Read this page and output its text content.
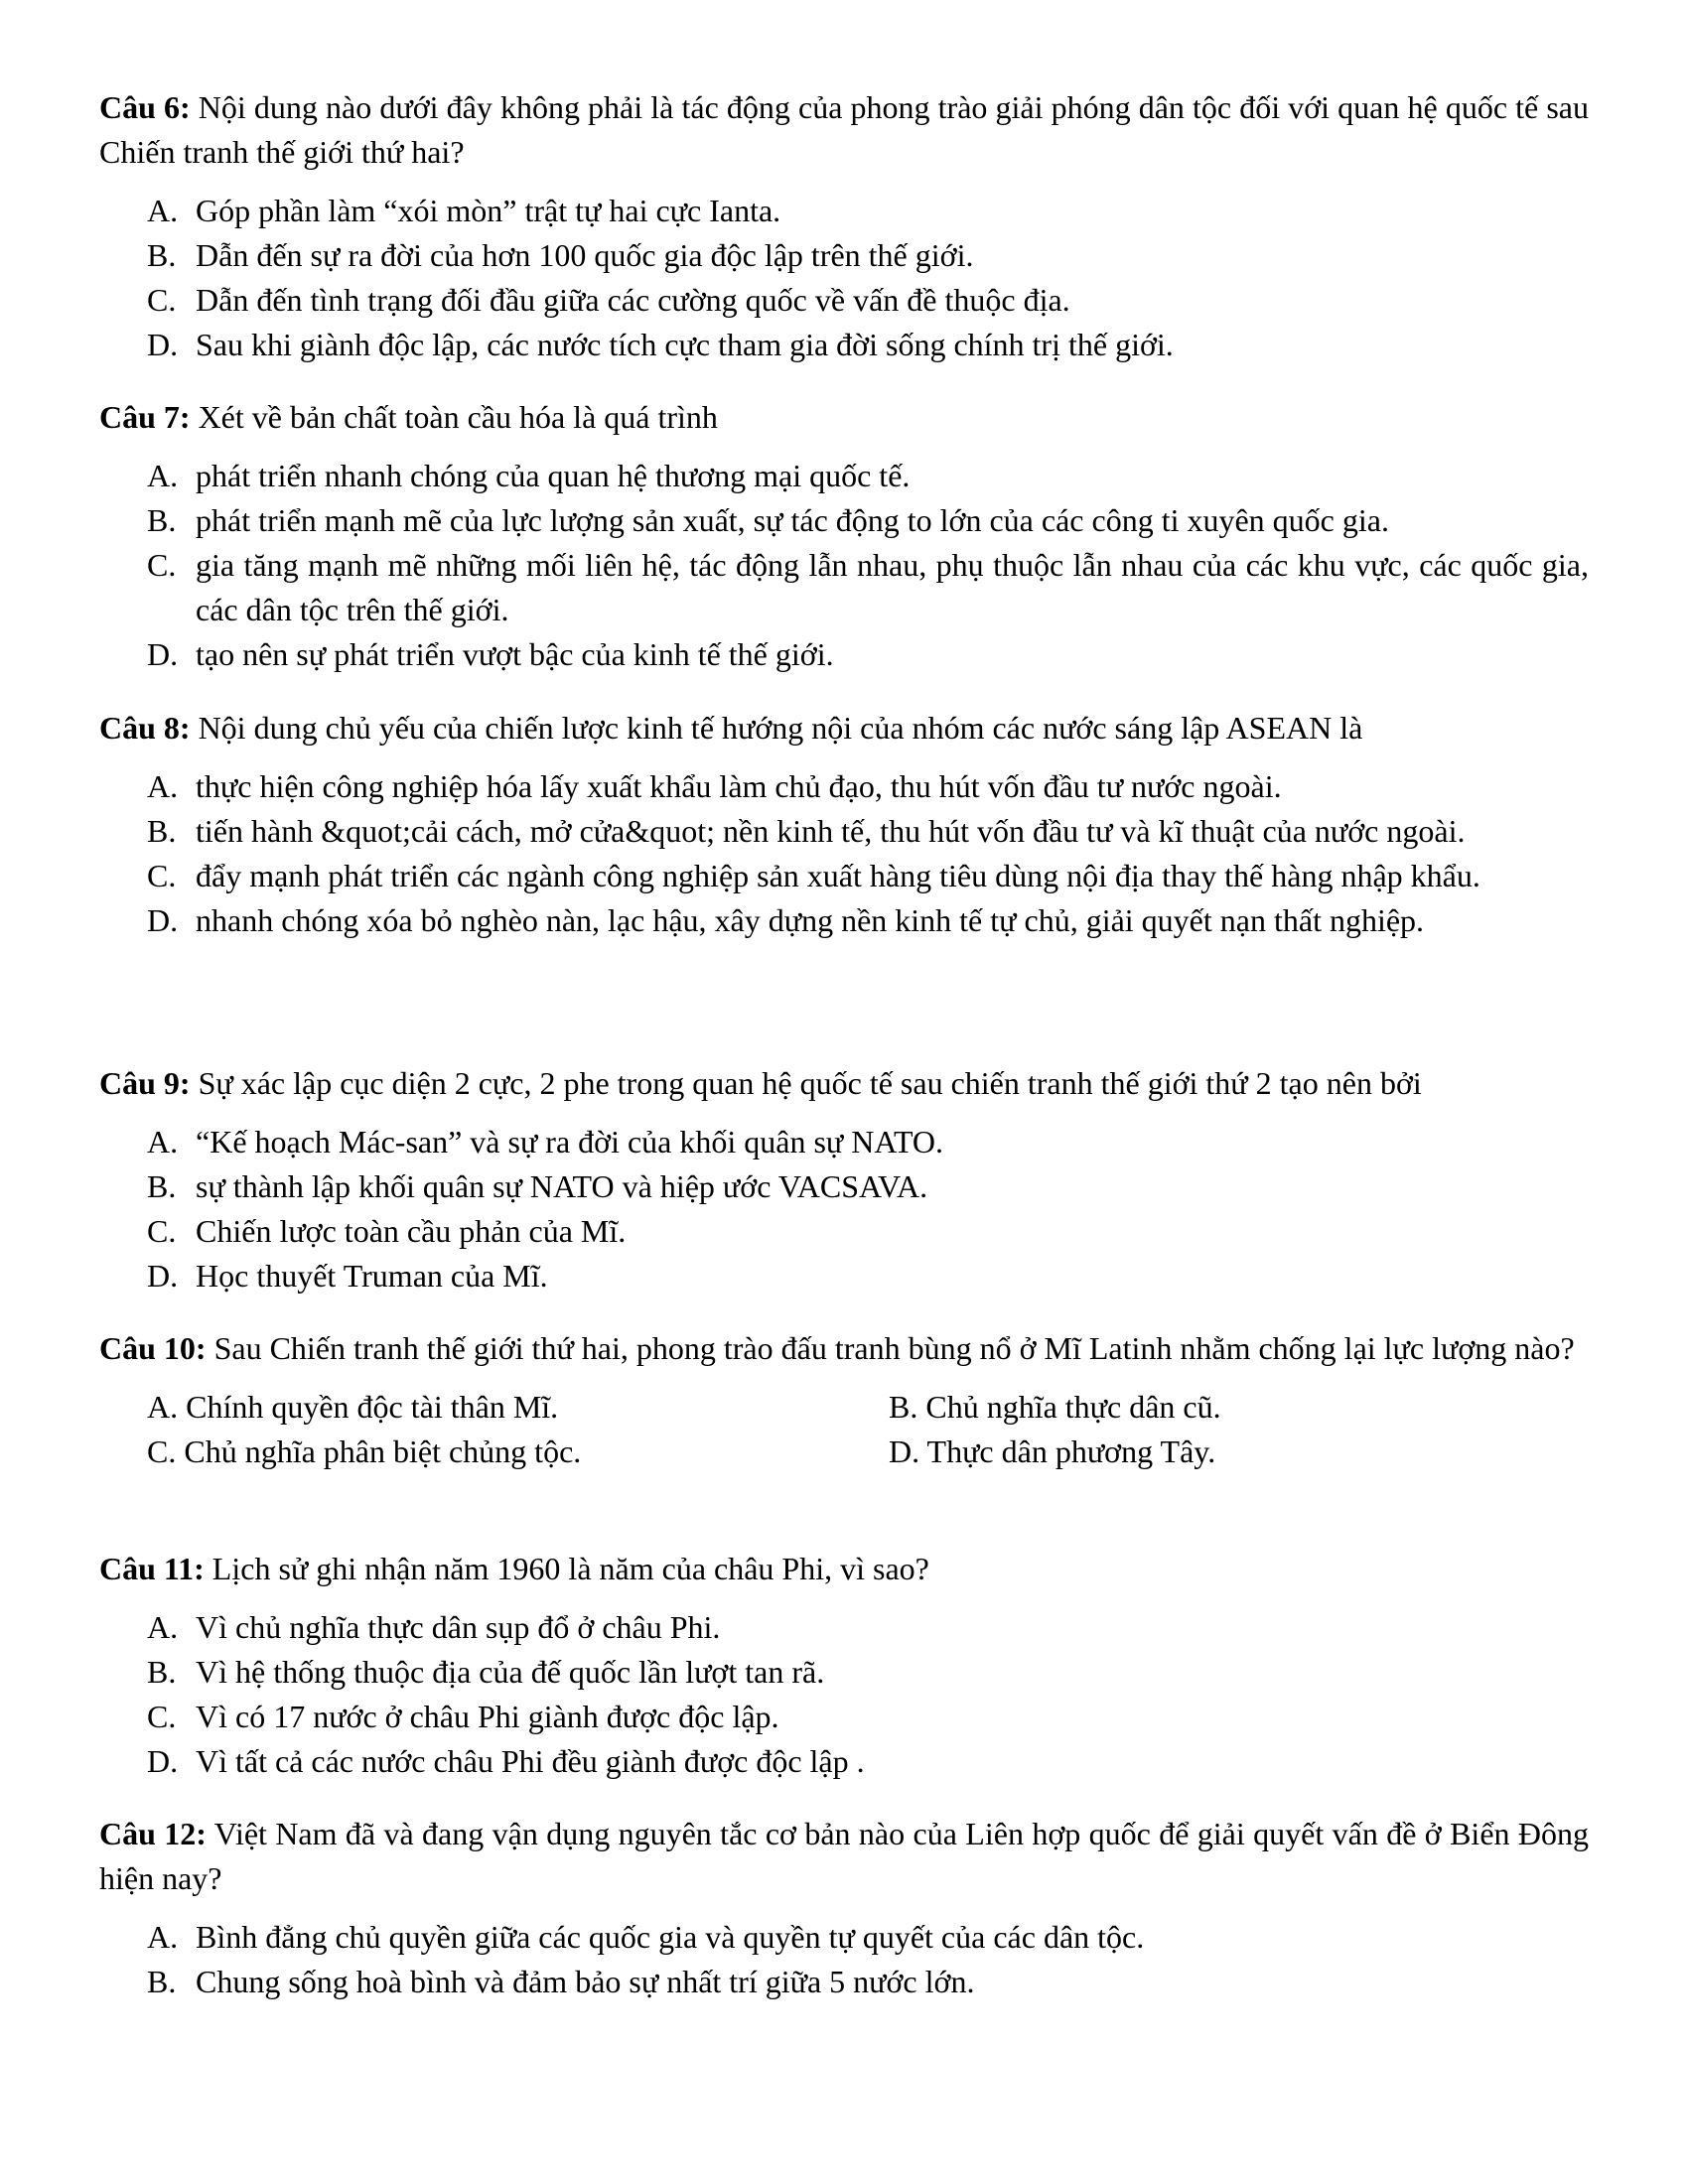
Câu 6: Nội dung nào dưới đây không phải là tác động của phong trào giải phóng dân tộc đối với quan hệ quốc tế sau Chiến tranh thế giới thứ hai?

A. Góp phần làm “xói mòn” trật tự hai cực Ianta.
B. Dẫn đến sự ra đời của hơn 100 quốc gia độc lập trên thế giới.
C. Dẫn đến tình trạng đối đầu giữa các cường quốc về vấn đề thuộc địa.
D. Sau khi giành độc lập, các nước tích cực tham gia đời sống chính trị thế giới.

Câu 7: Xét về bản chất toàn cầu hóa là quá trình

A. phát triển nhanh chóng của quan hệ thương mại quốc tế.
B. phát triển mạnh mẽ của lực lượng sản xuất, sự tác động to lớn của các công ti xuyên quốc gia.
C. gia tăng mạnh mẽ những mối liên hệ, tác động lẫn nhau, phụ thuộc lẫn nhau của các khu vực, các quốc gia, các dân tộc trên thế giới.
D. tạo nên sự phát triển vượt bậc của kinh tế thế giới.

Câu 8: Nội dung chủ yếu của chiến lược kinh tế hướng nội của nhóm các nước sáng lập ASEAN là

A. thực hiện công nghiệp hóa lấy xuất khẩu làm chủ đạo, thu hút vốn đầu tư nước ngoài.
B. tiến hành &quot;cải cách, mở cửa&quot; nền kinh tế, thu hút vốn đầu tư và kĩ thuật của nước ngoài.
C. đẩy mạnh phát triển các ngành công nghiệp sản xuất hàng tiêu dùng nội địa thay thế hàng nhập khẩu.
D. nhanh chóng xóa bỏ nghèo nàn, lạc hậu, xây dựng nền kinh tế tự chủ, giải quyết nạn thất nghiệp.

Câu 9: Sự xác lập cục diện 2 cực, 2 phe trong quan hệ quốc tế sau chiến tranh thế giới thứ 2 tạo nên bởi

A. “Kế hoạch Mác-san” và sự ra đời của khối quân sự NATO.
B. sự thành lập khối quân sự NATO và hiệp ước VACSAVA.
C. Chiến lược toàn cầu phản của Mĩ.
D. Học thuyết Truman của Mĩ.

Câu 10: Sau Chiến tranh thế giới thứ hai, phong trào đấu tranh bùng nổ ở Mĩ Latinh nhằm chống lại lực lượng nào?

A. Chính quyền độc tài thân Mĩ.	B. Chủ nghĩa thực dân cũ.
C. Chủ nghĩa phân biệt chủng tộc.	D. Thực dân phương Tây.

Câu 11: Lịch sử ghi nhận năm 1960 là năm của châu Phi, vì sao?

A. Vì chủ nghĩa thực dân sụp đổ ở châu Phi.
B. Vì hệ thống thuộc địa của đế quốc lần lượt tan rã.
C. Vì có 17 nước ở châu Phi giành được độc lập.
D. Vì tất cả các nước châu Phi đều giành được độc lập .

Câu 12: Việt Nam đã và đang vận dụng nguyên tắc cơ bản nào của Liên hợp quốc để giải quyết vấn đề ở Biển Đông hiện nay?

A. Bình đẳng chủ quyền giữa các quốc gia và quyền tự quyết của các dân tộc.
B. Chung sống hoà bình và đảm bảo sự nhất trí giữa 5 nước lớn.
